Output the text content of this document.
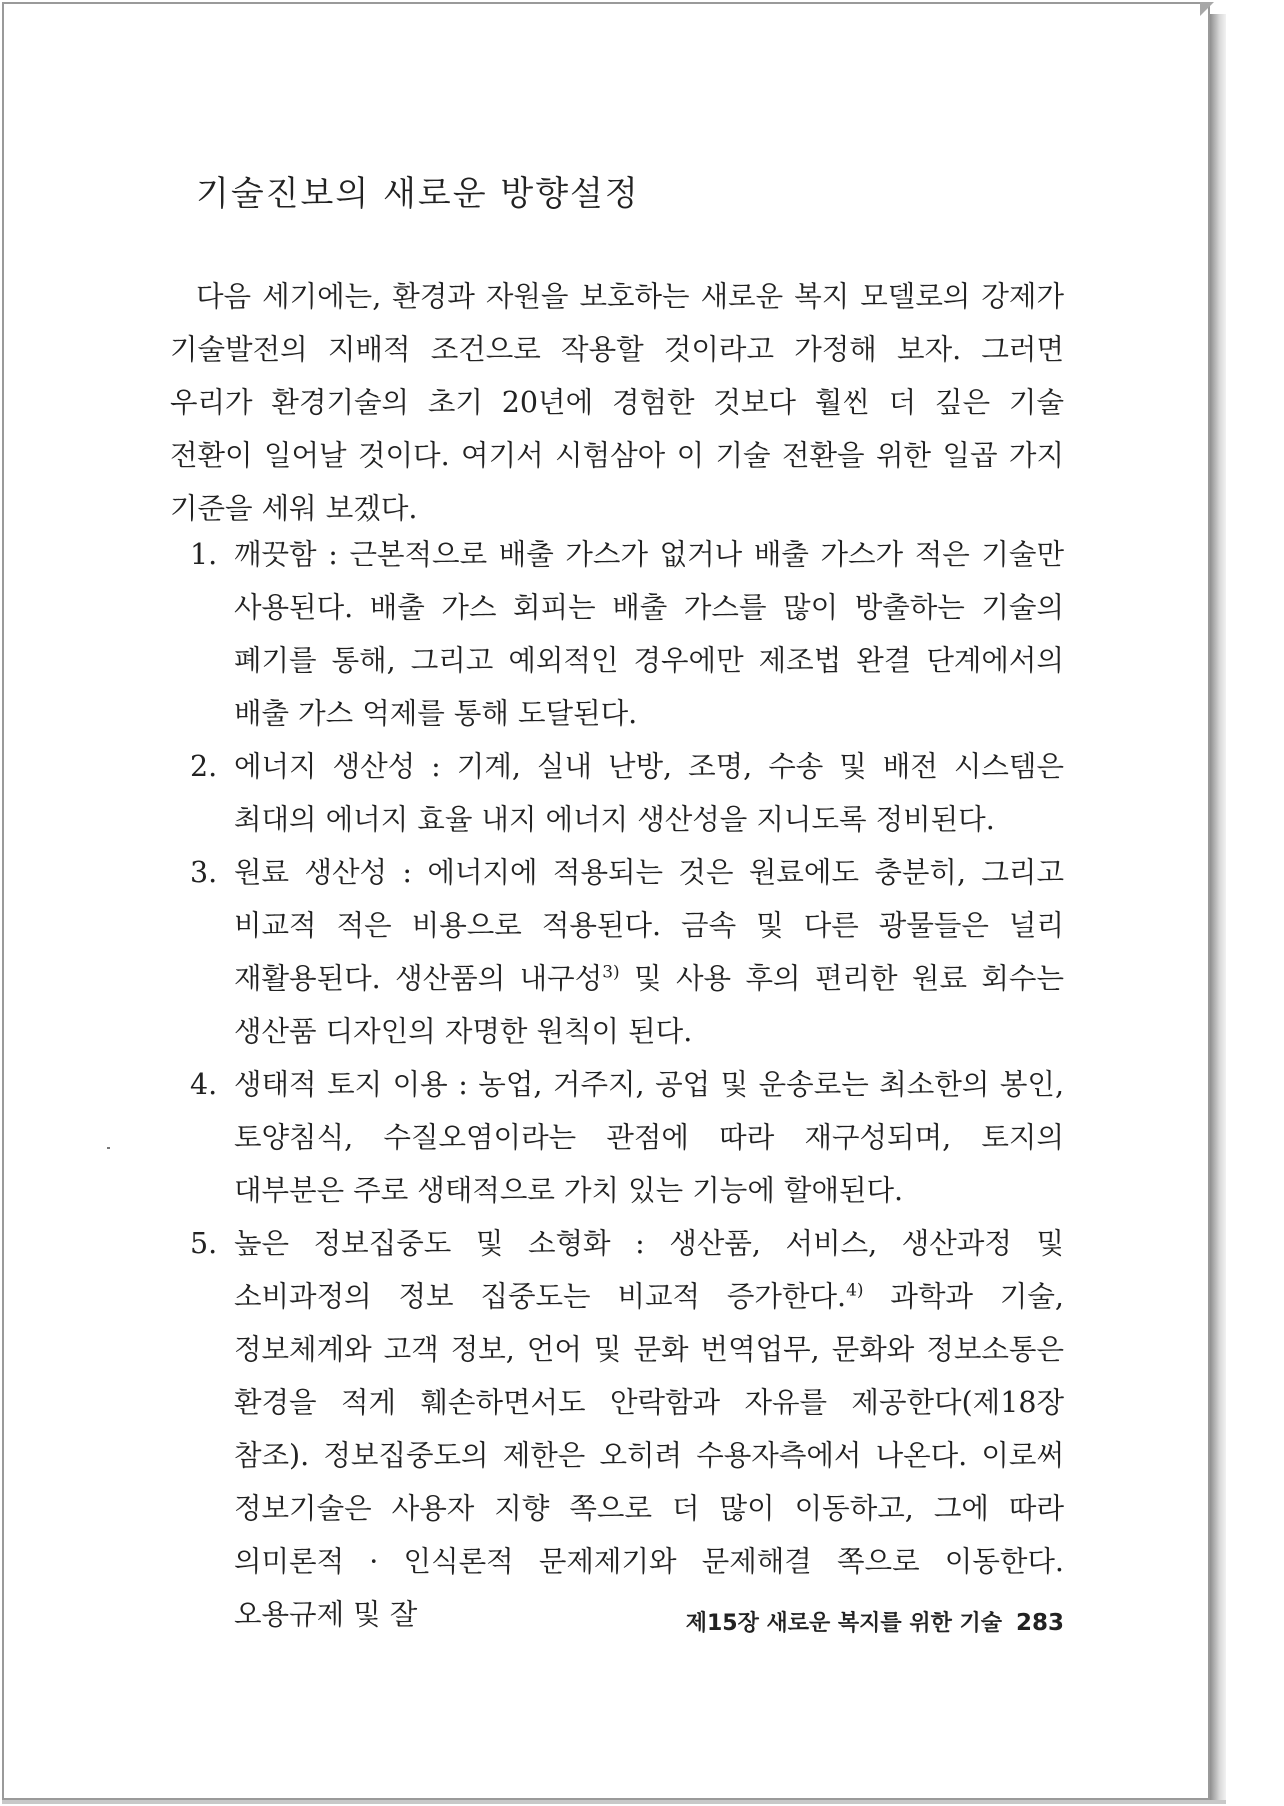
기술진보의 새로운 방향설정

다음 세기에는, 환경과 자원을 보호하는 새로운 복지 모델로의 강제가 기술발전의 지배적 조건으로 작용할 것이라고 가정해 보자. 그러면 우리가 환경기술의 초기 20년에 경험한 것보다 훨씬 더 깊은 기술 전환이 일어날 것이다. 여기서 시험삼아 이 기술 전환을 위한 일곱 가지 기준을 세워 보겠다.

1. 깨끗함 : 근본적으로 배출 가스가 없거나 배출 가스가 적은 기술만 사용된다. 배출 가스 회피는 배출 가스를 많이 방출하는 기술의 폐기를 통해, 그리고 예외적인 경우에만 제조법 완결 단계에서의 배출 가스 억제를 통해 도달된다.
2. 에너지 생산성 : 기계, 실내 난방, 조명, 수송 및 배전 시스템은 최대의 에너지 효율 내지 에너지 생산성을 지니도록 정비된다.
3. 원료 생산성 : 에너지에 적용되는 것은 원료에도 충분히, 그리고 비교적 적은 비용으로 적용된다. 금속 및 다른 광물들은 널리 재활용된다. 생산품의 내구성$^{3)}$ 및 사용 후의 편리한 원료 회수는 생산품 디자인의 자명한 원칙이 된다.
4. 생태적 토지 이용 : 농업, 거주지, 공업 및 운송로는 최소한의 봉인, 토양침식, 수질오염이라는 관점에 따라 재구성되며, 토지의 대부분은 주로 생태적으로 가치 있는 기능에 할애된다.
5. 높은 정보집중도 및 소형화 : 생산품, 서비스, 생산과정 및 소비과정의 정보 집중도는 비교적 증가한다.$^{4)}$ 과학과 기술, 정보체계와 고객 정보, 언어 및 문화 번역업무, 문화와 정보소통은 환경을 적게 훼손하면서도 안락함과 자유를 제공한다(제18장 참조). 정보집중도의 제한은 오히려 수용자측에서 나온다. 이로써 정보기술은 사용자 지향 쪽으로 더 많이 이동하고, 그에 따라 의미론적 · 인식론적 문제제기와 문제해결 쪽으로 이동한다. 오용규제 및 잘	제15장 새로운 복지를 위한 기술 283
